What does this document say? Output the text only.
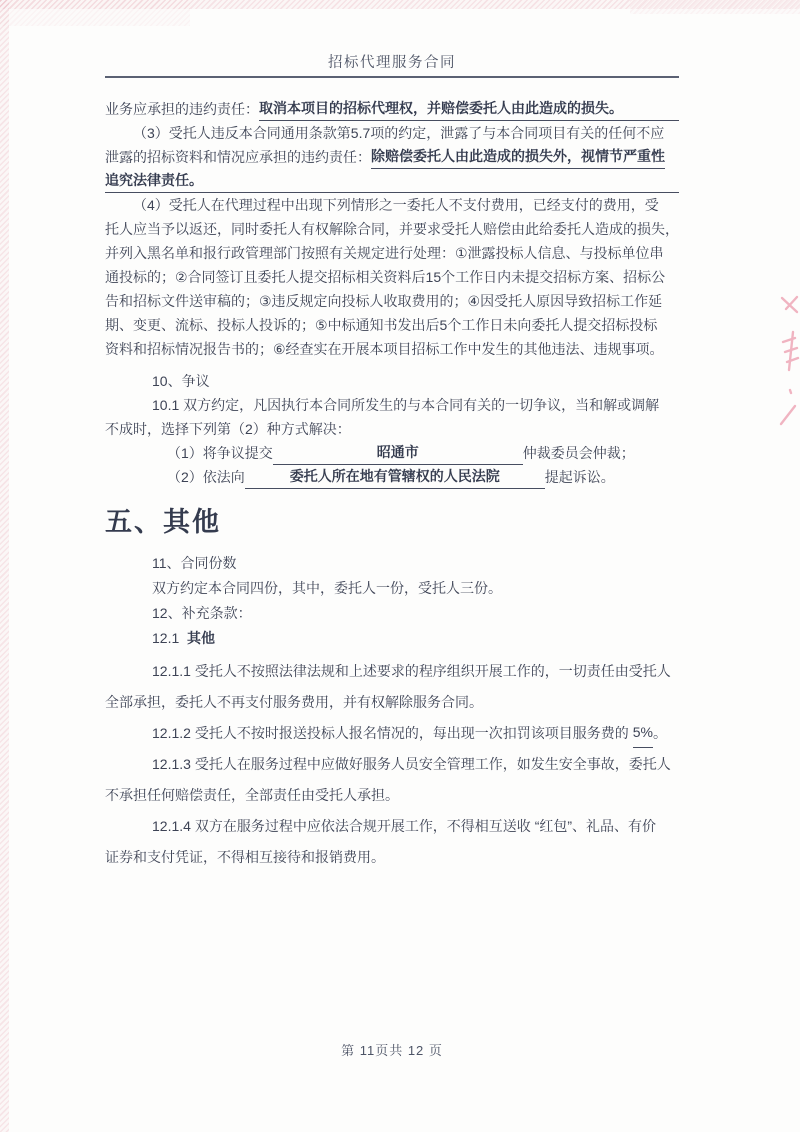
招标代理服务合同
业务应承担的违约责任： 取消本项目的招标代理权，并赔偿委托人由此造成的损失。
（3）受托人违反本合同通用条款第5.7项的约定，泄露了与本合同项目有关的任何不应
泄露的招标资料和情况应承担的违约责任： 除赔偿委托人由此造成的损失外，视情节严重性
追究法律责任。
（4）受托人在代理过程中出现下列情形之一委托人不支付费用，已经支付的费用，受
托人应当予以返还，同时委托人有权解除合同，并要求受托人赔偿由此给委托人造成的损失，
并列入黑名单和报行政管理部门按照有关规定进行处理：①泄露投标人信息、与投标单位串
通投标的；②合同签订且委托人提交招标相关资料后15个工作日内未提交招标方案、招标公
告和招标文件送审稿的；③违反规定向投标人收取费用的；④因受托人原因导致招标工作延
期、变更、流标、投标人投诉的；⑤中标通知书发出后5个工作日未向委托人提交招标投标
资料和招标情况报告书的；⑥经查实在开展本项目招标工作中发生的其他违法、违规事项。
10、争议
10.1 双方约定，凡因执行本合同所发生的与本合同有关的一切争议，当和解或调解
不成时，选择下列第（2）种方式解决：
（1）将争议提交	昭通市	仲裁委员会仲裁；
（2）依法向	委托人所在地有管辖权的人民法院	提起诉讼。
五、其他
11、合同份数
双方约定本合同四份，其中，委托人一份，受托人三份。
12、补充条款：
12.1 其他
12.1.1 受托人不按照法律法规和上述要求的程序组织开展工作的，一切责任由受托人
全部承担，委托人不再支付服务费用，并有权解除服务合同。
12.1.2 受托人不按时报送投标人报名情况的，每出现一次扣罚该项目服务费的 5% 。
12.1.3 受托人在服务过程中应做好服务人员安全管理工作，如发生安全事故，委托人
不承担任何赔偿责任，全部责任由受托人承担。
12.1.4 双方在服务过程中应依法合规开展工作，不得相互送收 “红包”、礼品、有价
证券和支付凭证，不得相互接待和报销费用。
第 11页共 12 页
